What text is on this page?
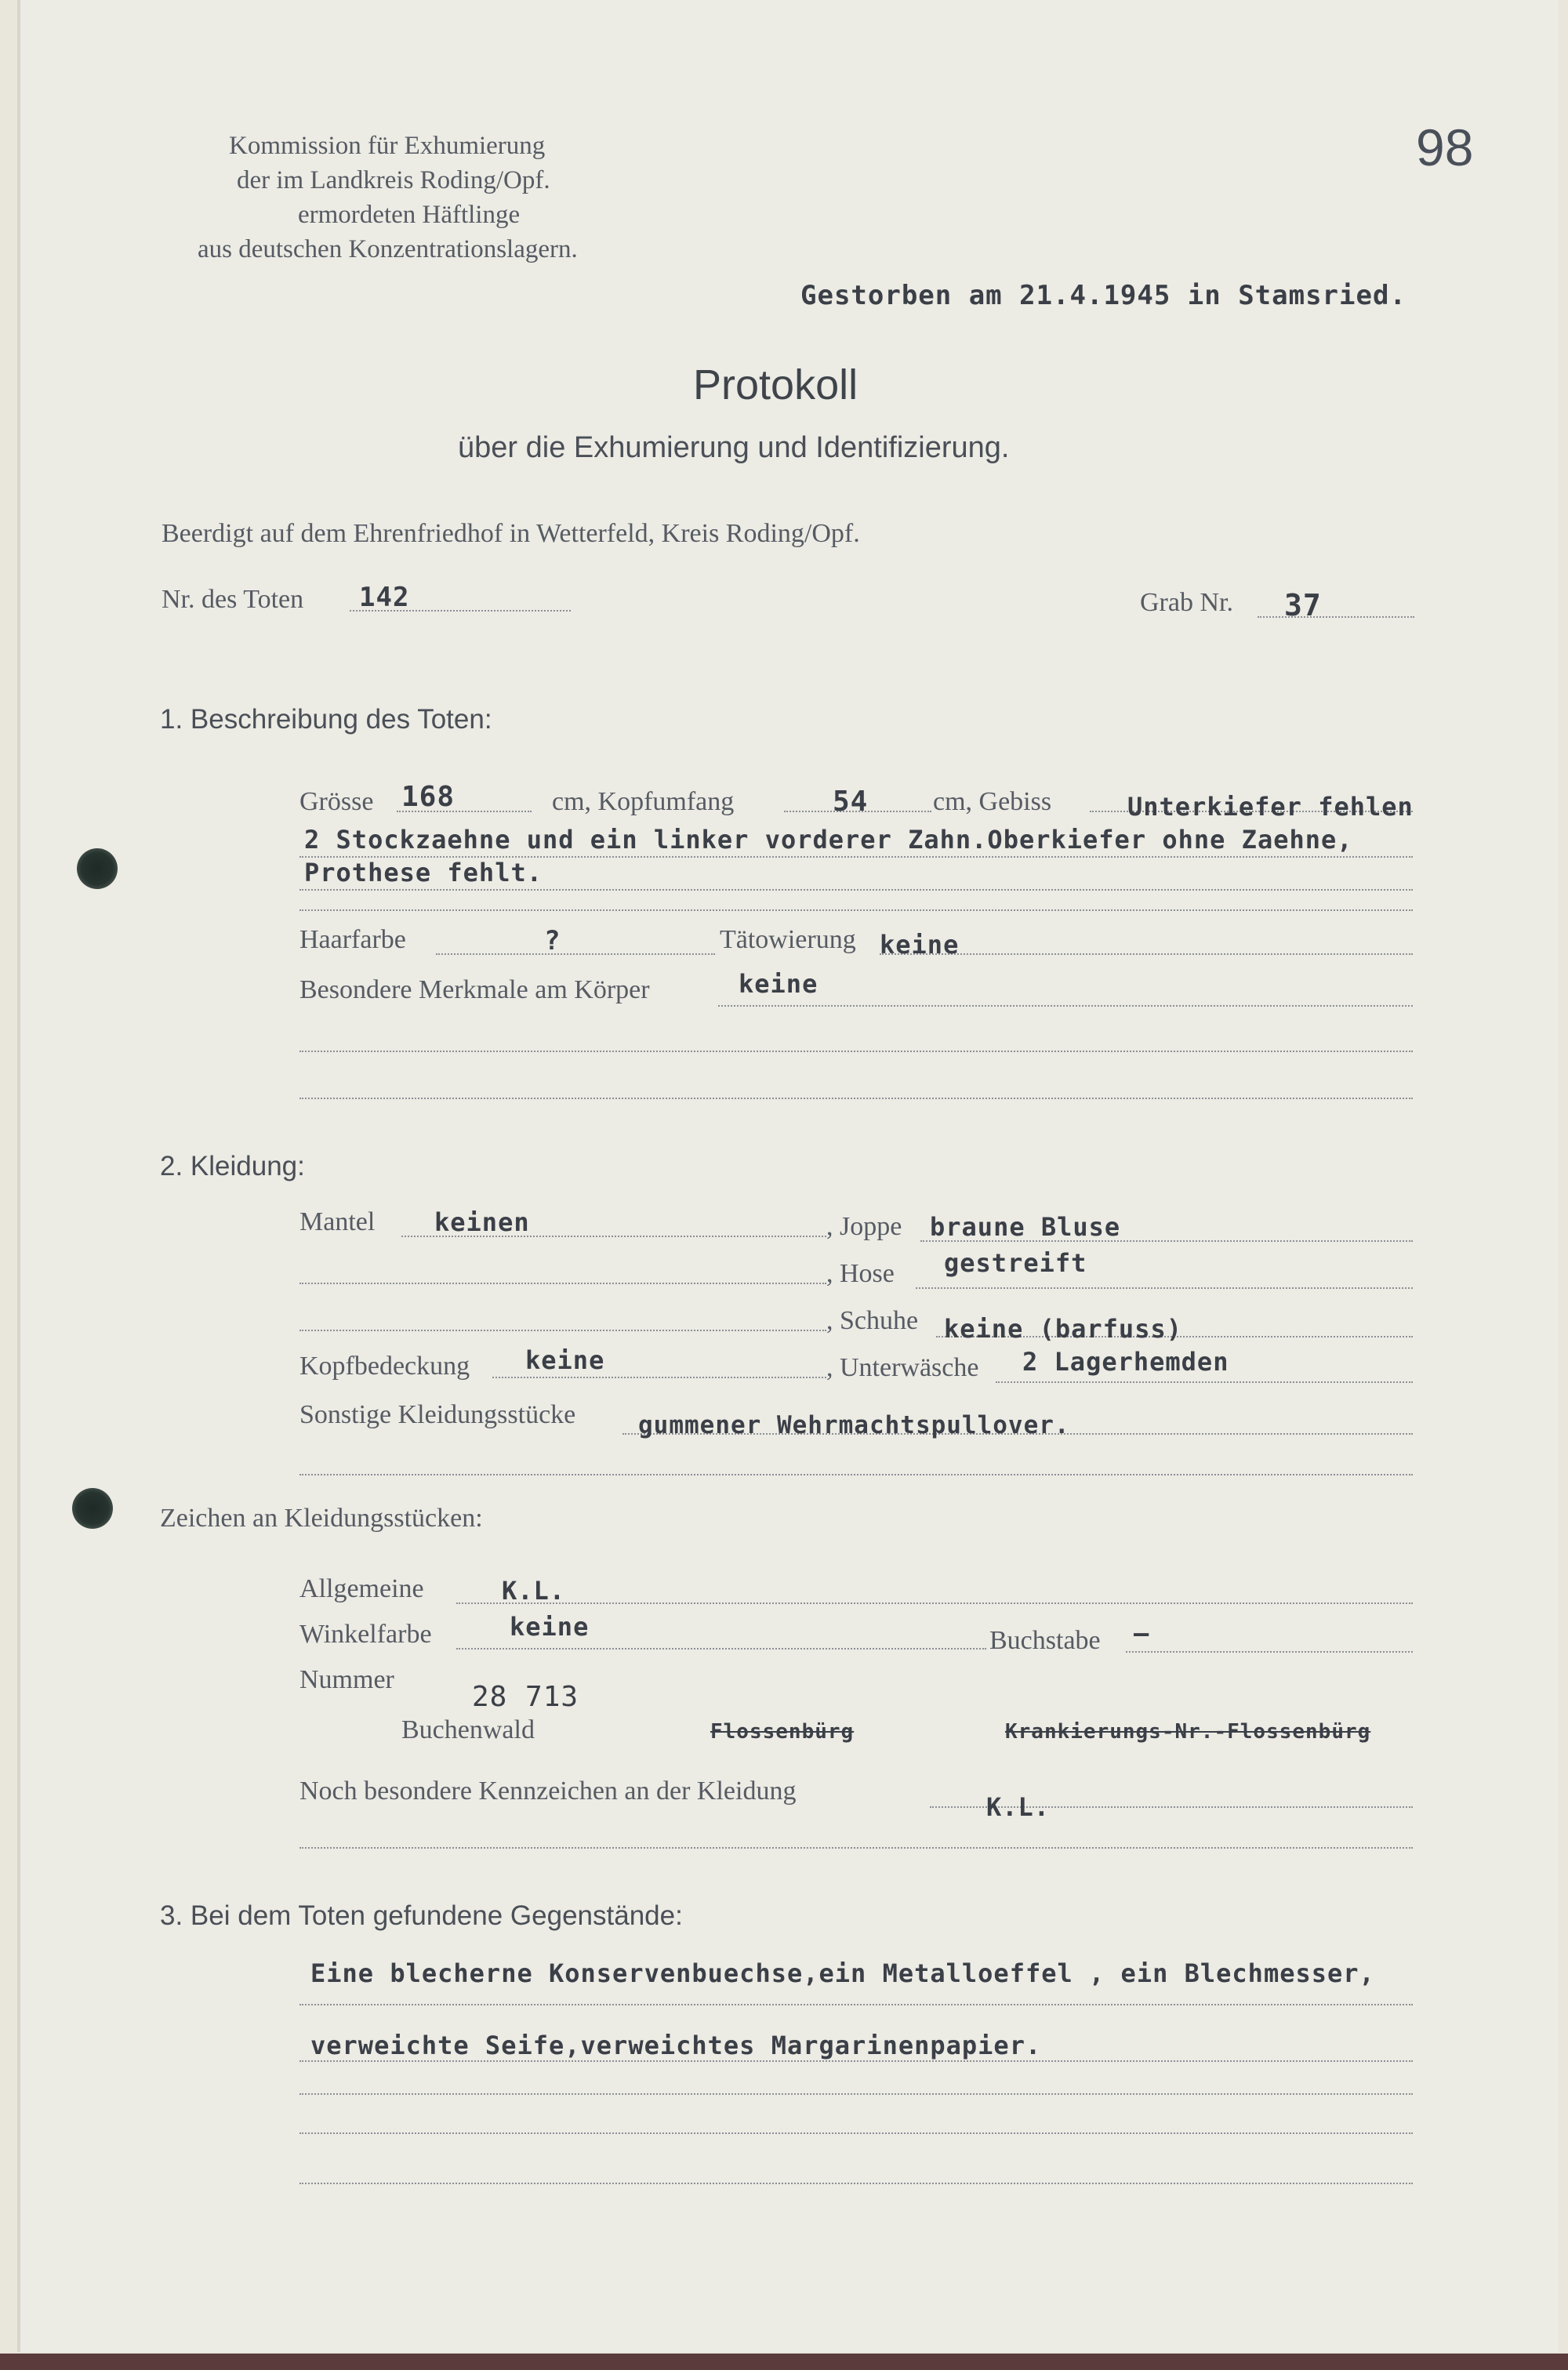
Kommission für Exhumierung
der im Landkreis Roding/Opf.
ermordeten Häftlinge
aus deutschen Konzentrationslagern.
98
Gestorben am 21.4.1945 in Stamsried.
Protokoll
über die Exhumierung und Identifizierung.
Beerdigt auf dem Ehrenfriedhof in Wetterfeld, Kreis Roding/Opf.
Nr. des Toten 142	Grab Nr. 37
1. Beschreibung des Toten:
Grösse 168	cm, Kopfumfang	54 cm, Gebiss	Unterkiefer fehlen
2 Stockzaehne und ein linker vorderer Zahn.Oberkiefer ohne Zaehne,
Prothese fehlt.
Haarfarbe	?	Tätowierung keine
Besondere Merkmale am Körper	keine
2. Kleidung:
Mantel keinen	, Joppe braune Bluse
, Hose gestreift
, Schuhe keine (barfuss)
Kopfbedeckung keine	, Unterwäsche 2 Lagerhemden
Sonstige Kleidungsstücke	gummener Wehrmachtspullover.
Zeichen an Kleidungsstücken:
Allgemeine	K.L.
Winkelfarbe	keine	Buchstabe —
Nummer
28 713
Buchenwald	Flossenbürg	Krankierungs-Nr.-Flossenbürg
Noch besondere Kennzeichen an der Kleidung
K.L.
3. Bei dem Toten gefundene Gegenstände:
Eine blecherne Konservenbuechse,ein Metalloeffel , ein Blechmesser,
verweichte Seife,verweichtes Margarinenpapier.
